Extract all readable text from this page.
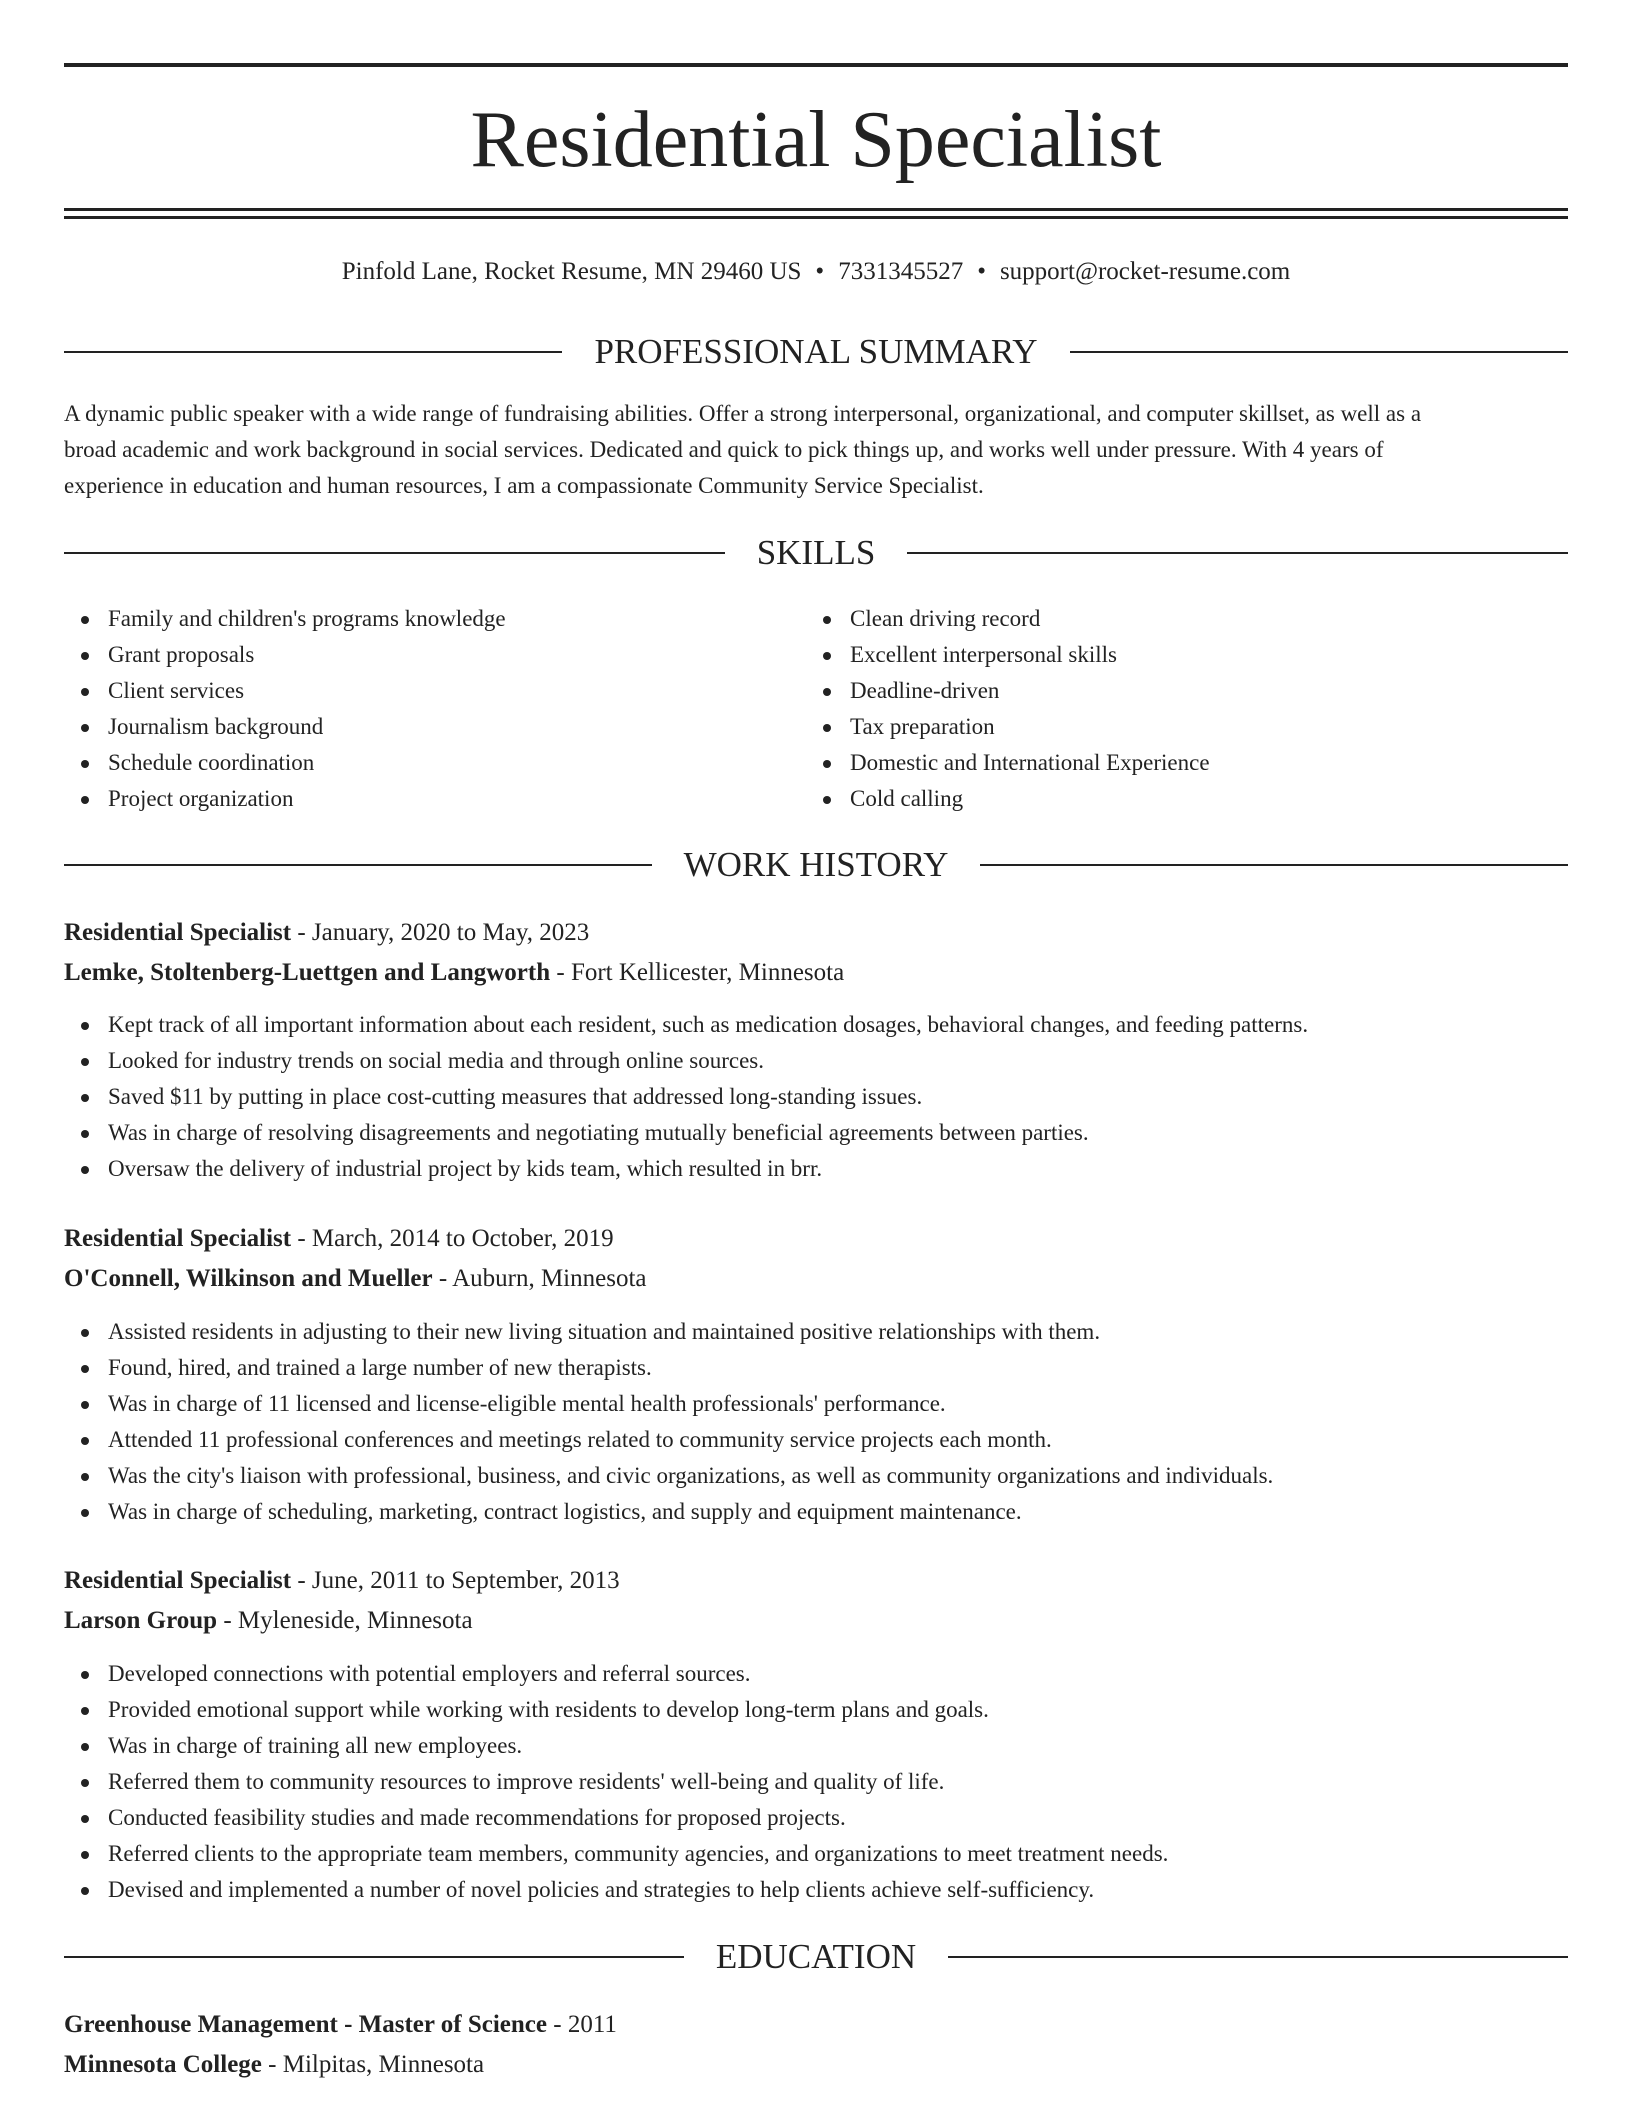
Residential Specialist
Pinfold Lane, Rocket Resume, MN 29460 US • 7331345527 • support@rocket-resume.com
PROFESSIONAL SUMMARY
A dynamic public speaker with a wide range of fundraising abilities. Offer a strong interpersonal, organizational, and computer skillset, as well as a
broad academic and work background in social services. Dedicated and quick to pick things up, and works well under pressure. With 4 years of
experience in education and human resources, I am a compassionate Community Service Specialist.
SKILLS
Family and children's programs knowledge
Grant proposals
Client services
Journalism background
Schedule coordination
Project organization
Clean driving record
Excellent interpersonal skills
Deadline-driven
Tax preparation
Domestic and International Experience
Cold calling
WORK HISTORY
Residential Specialist - January, 2020 to May, 2023
Lemke, Stoltenberg-Luettgen and Langworth - Fort Kellicester, Minnesota
Kept track of all important information about each resident, such as medication dosages, behavioral changes, and feeding patterns.
Looked for industry trends on social media and through online sources.
Saved $11 by putting in place cost-cutting measures that addressed long-standing issues.
Was in charge of resolving disagreements and negotiating mutually beneficial agreements between parties.
Oversaw the delivery of industrial project by kids team, which resulted in brr.
Residential Specialist - March, 2014 to October, 2019
O'Connell, Wilkinson and Mueller - Auburn, Minnesota
Assisted residents in adjusting to their new living situation and maintained positive relationships with them.
Found, hired, and trained a large number of new therapists.
Was in charge of 11 licensed and license-eligible mental health professionals' performance.
Attended 11 professional conferences and meetings related to community service projects each month.
Was the city's liaison with professional, business, and civic organizations, as well as community organizations and individuals.
Was in charge of scheduling, marketing, contract logistics, and supply and equipment maintenance.
Residential Specialist - June, 2011 to September, 2013
Larson Group - Myleneside, Minnesota
Developed connections with potential employers and referral sources.
Provided emotional support while working with residents to develop long-term plans and goals.
Was in charge of training all new employees.
Referred them to community resources to improve residents' well-being and quality of life.
Conducted feasibility studies and made recommendations for proposed projects.
Referred clients to the appropriate team members, community agencies, and organizations to meet treatment needs.
Devised and implemented a number of novel policies and strategies to help clients achieve self-sufficiency.
EDUCATION
Greenhouse Management - Master of Science - 2011
Minnesota College - Milpitas, Minnesota
